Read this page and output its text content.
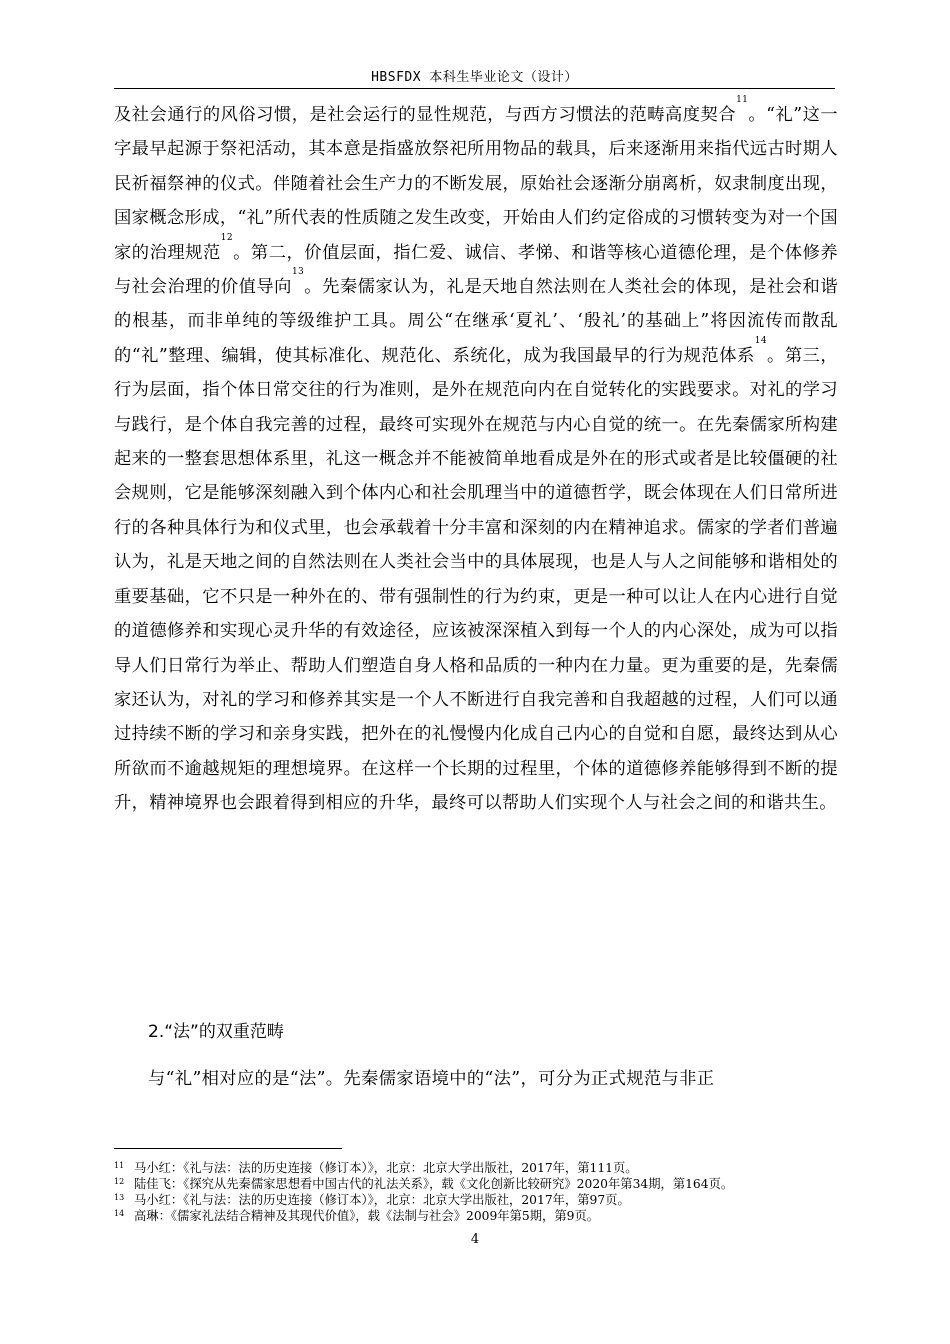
HBSFDX 本科生毕业论文（设计）

及社会通行的风俗习惯，是社会运行的显性规范，与西方习惯法的范畴高度契合$^{11}$。“礼”这一字最早起源于祭祀活动，其本意是指盛放祭祀所用物品的载具，后来逐渐用来指代远古时期人民祈福祭神的仪式。伴随着社会生产力的不断发展，原始社会逐渐分崩离析，奴隶制度出现，国家概念形成，“礼”所代表的性质随之发生改变，开始由人们约定俗成的习惯转变为对一个国家的治理规范$^{12}$。第二，价值层面，指仁爱、诚信、孝悌、和谐等核心道德伦理，是个体修养与社会治理的价值导向$^{13}$。先秦儒家认为，礼是天地自然法则在人类社会的体现，是社会和谐的根基，而非单纯的等级维护工具。周公“在继承‘夏礼’、‘殷礼’的基础上”将因流传而散乱的“礼”整理、编辑，使其标准化、规范化、系统化，成为我国最早的行为规范体系$^{14}$。第三，行为层面，指个体日常交往的行为准则，是外在规范向内在自觉转化的实践要求。对礼的学习与践行，是个体自我完善的过程，最终可实现外在规范与内心自觉的统一。在先秦儒家所构建起来的一整套思想体系里，礼这一概念并不能被简单地看成是外在的形式或者是比较僵硬的社会规则，它是能够深刻融入到个体内心和社会肌理当中的道德哲学，既会体现在人们日常所进行的各种具体行为和仪式里，也会承载着十分丰富和深刻的内在精神追求。儒家的学者们普遍认为，礼是天地之间的自然法则在人类社会当中的具体展现，也是人与人之间能够和谐相处的重要基础，它不只是一种外在的、带有强制性的行为约束，更是一种可以让人在内心进行自觉的道德修养和实现心灵升华的有效途径，应该被深深植入到每一个人的内心深处，成为可以指导人们日常行为举止、帮助人们塑造自身人格和品质的一种内在力量。更为重要的是，先秦儒家还认为，对礼的学习和修养其实是一个人不断进行自我完善和自我超越的过程，人们可以通过持续不断的学习和亲身实践，把外在的礼慢慢内化成自己内心的自觉和自愿，最终达到从心所欲而不逾越规矩的理想境界。在这样一个长期的过程里，个体的道德修养能够得到不断的提升，精神境界也会跟着得到相应的升华，最终可以帮助人们实现个人与社会之间的和谐共生。

2.“法”的双重范畴
与“礼”相对应的是“法”。先秦儒家语境中的“法”，可分为正式规范与非正
11 马小红：《礼与法：法的历史连接（修订本）》，北京：北京大学出版社，2017年，第111页。
12 陆佳飞：《探究从先秦儒家思想看中国古代的礼法关系》，载《文化创新比较研究》2020年第34期，第164页。
13 马小红：《礼与法：法的历史连接（修订本）》，北京：北京大学出版社，2017年，第97页。
14 高琳：《儒家礼法结合精神及其现代价值》，载《法制与社会》2009年第5期，第9页。
4
